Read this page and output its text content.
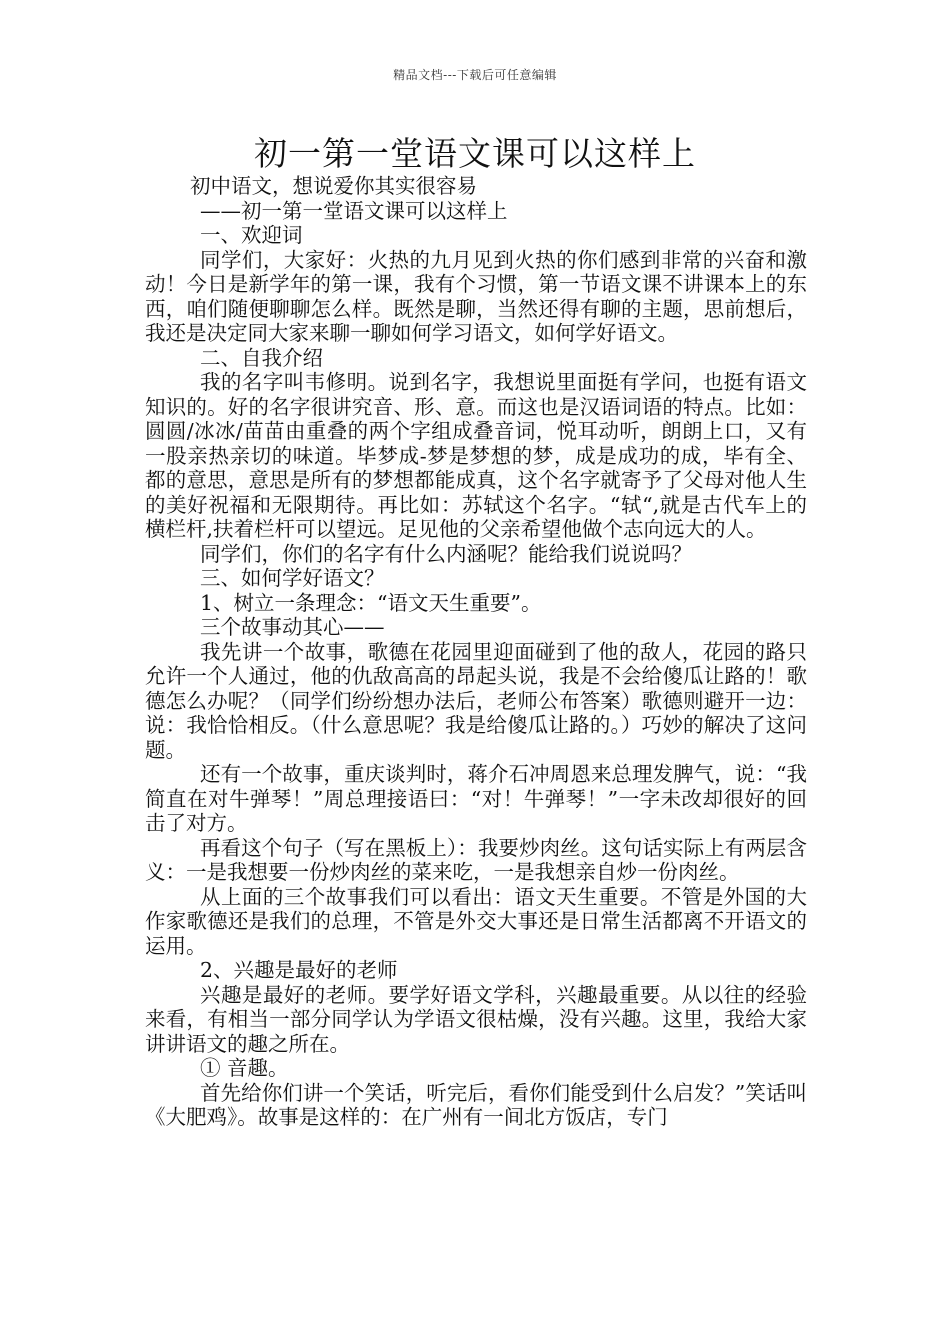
精品文档---下载后可任意编辑
初一第一堂语文课可以这样上

初中语文，想说爱你其实很容易

——初一第一堂语文课可以这样上

一、欢迎词

同学们，大家好：火热的九月见到火热的你们感到非常的兴奋和激动！今日是新学年的第一课，我有个习惯，第一节语文课不讲课本上的东西，咱们随便聊聊怎么样。既然是聊，当然还得有聊的主题，思前想后，我还是决定同大家来聊一聊如何学习语文，如何学好语文。

二、自我介绍

我的名字叫韦修明。说到名字，我想说里面挺有学问，也挺有语文知识的。好的名字很讲究音、形、意。而这也是汉语词语的特点。比如：圆圆/冰冰/苗苗由重叠的两个字组成叠音词，悦耳动听，朗朗上口，又有一股亲热亲切的味道。毕梦成-梦是梦想的梦，成是成功的成，毕有全、都的意思，意思是所有的梦想都能成真，这个名字就寄予了父母对他人生的美好祝福和无限期待。再比如：苏轼这个名字。“轼“,就是古代车上的横栏杆,扶着栏杆可以望远。足见他的父亲希望他做个志向远大的人。

同学们，你们的名字有什么内涵呢？能给我们说说吗？

三、如何学好语文？

1、树立一条理念：“语文天生重要”。

三个故事动其心——

我先讲一个故事，歌德在花园里迎面碰到了他的敌人，花园的路只允许一个人通过，他的仇敌高高的昂起头说，我是不会给傻瓜让路的！歌德怎么办呢？（同学们纷纷想办法后，老师公布答案）歌德则避开一边：说：我恰恰相反。（什么意思呢？我是给傻瓜让路的。）巧妙的解决了这问题。

还有一个故事，重庆谈判时，蒋介石冲周恩来总理发脾气，说：“我简直在对牛弹琴！”周总理接语曰：“对！牛弹琴！”一字未改却很好的回击了对方。

再看这个句子（写在黑板上）：我要炒肉丝。这句话实际上有两层含义：一是我想要一份炒肉丝的菜来吃，一是我想亲自炒一份肉丝。

从上面的三个故事我们可以看出：语文天生重要。不管是外国的大作家歌德还是我们的总理，不管是外交大事还是日常生活都离不开语文的运用。

2、兴趣是最好的老师

兴趣是最好的老师。要学好语文学科，兴趣最重要。从以往的经验来看，有相当一部分同学认为学语文很枯燥，没有兴趣。这里，我给大家讲讲语文的趣之所在。

① 音趣。

首先给你们讲一个笑话，听完后，看你们能受到什么启发？”笑话叫《大肥鸡》。故事是这样的：在广州有一间北方饭店，专门
